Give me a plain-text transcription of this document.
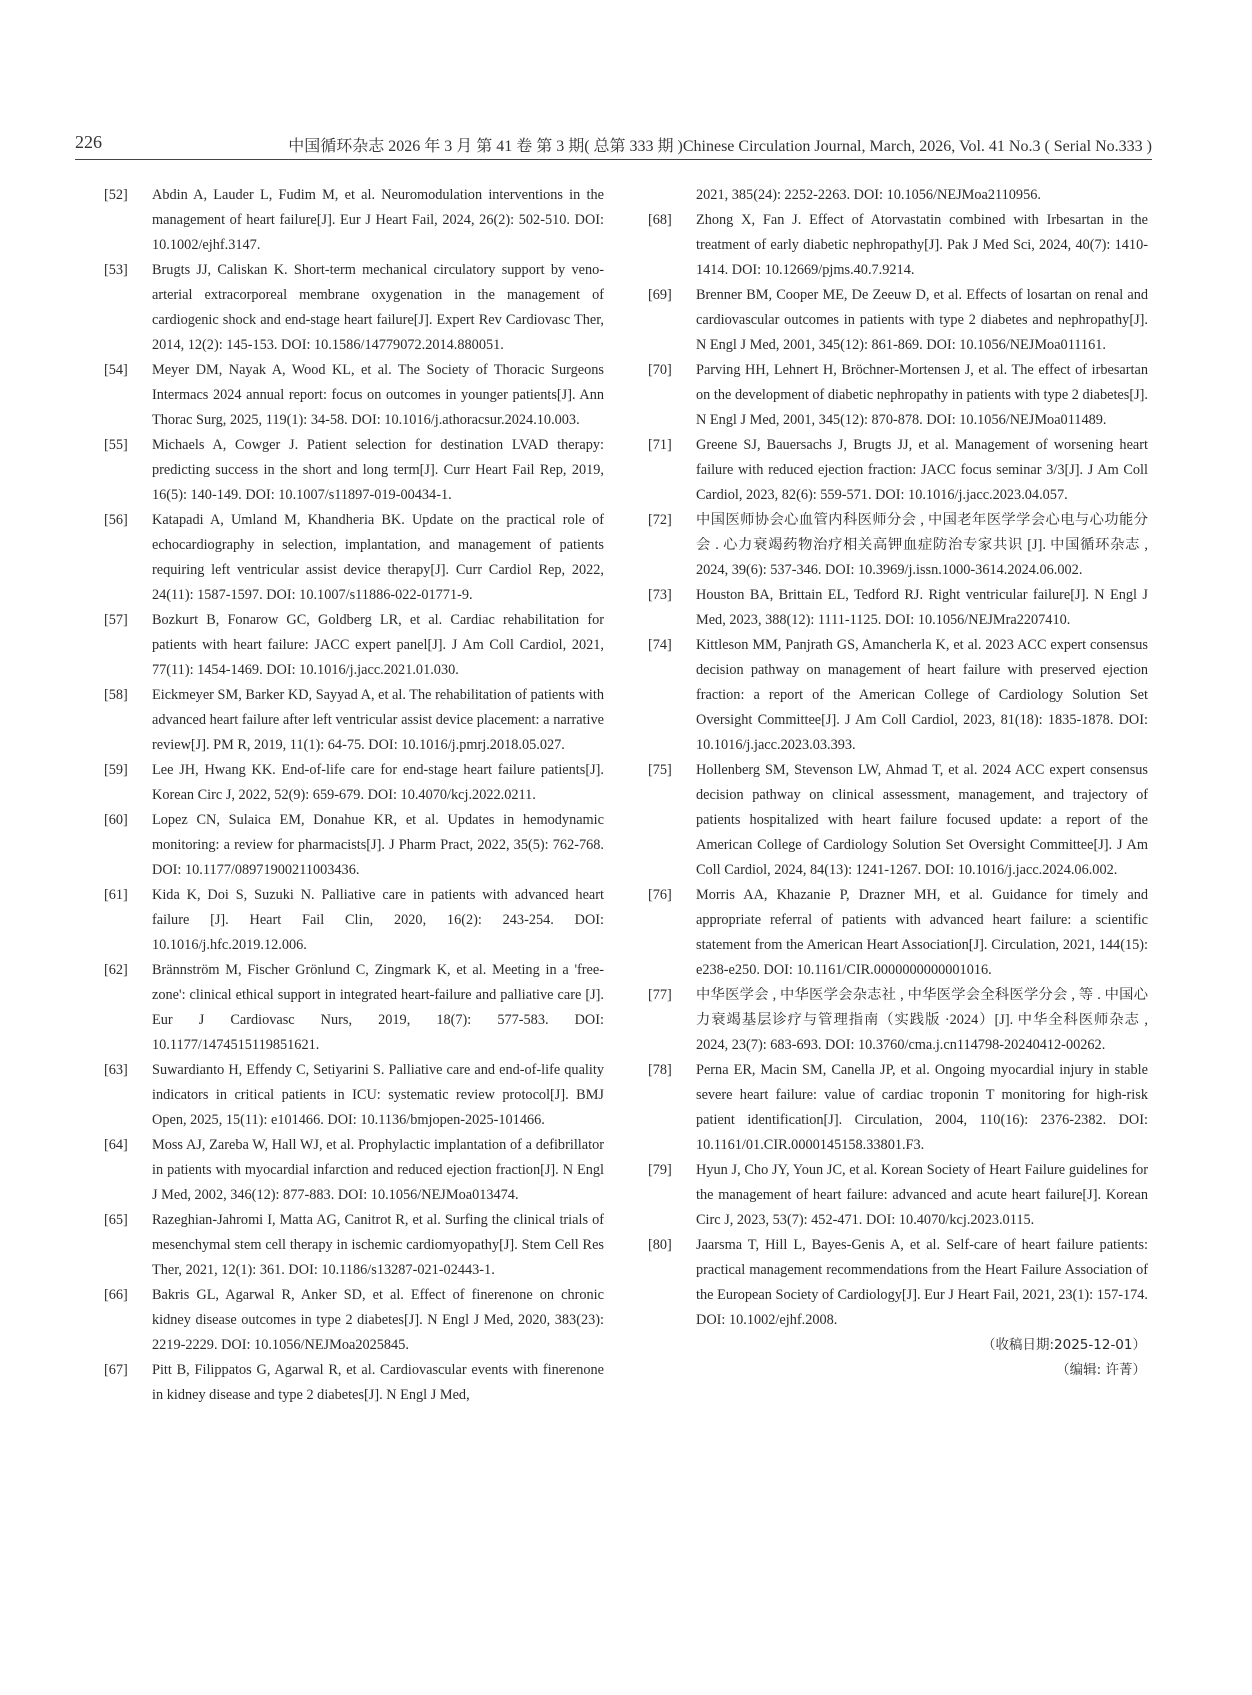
226	中国循环杂志 2026 年 3 月 第 41 卷 第 3 期( 总第 333 期 )Chinese Circulation Journal, March, 2026, Vol. 41 No.3 ( Serial No.333 )
[52]	Abdin A, Lauder L, Fudim M, et al. Neuromodulation interventions in the management of heart failure[J]. Eur J Heart Fail, 2024, 26(2): 502-510. DOI: 10.1002/ejhf.3147.
[53]	Brugts JJ, Caliskan K. Short-term mechanical circulatory support by veno-arterial extracorporeal membrane oxygenation in the management of cardiogenic shock and end-stage heart failure[J]. Expert Rev Cardiovasc Ther, 2014, 12(2): 145-153. DOI: 10.1586/14779072.2014.880051.
[54]	Meyer DM, Nayak A, Wood KL, et al. The Society of Thoracic Surgeons Intermacs 2024 annual report: focus on outcomes in younger patients[J]. Ann Thorac Surg, 2025, 119(1): 34-58. DOI: 10.1016/j.athoracsur.2024.10.003.
[55]	Michaels A, Cowger J. Patient selection for destination LVAD therapy: predicting success in the short and long term[J]. Curr Heart Fail Rep, 2019, 16(5): 140-149. DOI: 10.1007/s11897-019-00434-1.
[56]	Katapadi A, Umland M, Khandheria BK. Update on the practical role of echocardiography in selection, implantation, and management of patients requiring left ventricular assist device therapy[J]. Curr Cardiol Rep, 2022, 24(11): 1587-1597. DOI: 10.1007/s11886-022-01771-9.
[57]	Bozkurt B, Fonarow GC, Goldberg LR, et al. Cardiac rehabilitation for patients with heart failure: JACC expert panel[J]. J Am Coll Cardiol, 2021, 77(11): 1454-1469. DOI: 10.1016/j.jacc.2021.01.030.
[58]	Eickmeyer SM, Barker KD, Sayyad A, et al. The rehabilitation of patients with advanced heart failure after left ventricular assist device placement: a narrative review[J]. PM R, 2019, 11(1): 64-75. DOI: 10.1016/j.pmrj.2018.05.027.
[59]	Lee JH, Hwang KK. End-of-life care for end-stage heart failure patients[J]. Korean Circ J, 2022, 52(9): 659-679. DOI: 10.4070/kcj.2022.0211.
[60]	Lopez CN, Sulaica EM, Donahue KR, et al. Updates in hemodynamic monitoring: a review for pharmacists[J]. J Pharm Pract, 2022, 35(5): 762-768. DOI: 10.1177/08971900211003436.
[61]	Kida K, Doi S, Suzuki N. Palliative care in patients with advanced heart failure [J]. Heart Fail Clin, 2020, 16(2): 243-254. DOI: 10.1016/j.hfc.2019.12.006.
[62]	Brännström M, Fischer Grönlund C, Zingmark K, et al. Meeting in a 'free-zone': clinical ethical support in integrated heart-failure and palliative care [J]. Eur J Cardiovasc Nurs, 2019, 18(7): 577-583. DOI: 10.1177/1474515119851621.
[63]	Suwardianto H, Effendy C, Setiyarini S. Palliative care and end-of-life quality indicators in critical patients in ICU: systematic review protocol[J]. BMJ Open, 2025, 15(11): e101466. DOI: 10.1136/bmjopen-2025-101466.
[64]	Moss AJ, Zareba W, Hall WJ, et al. Prophylactic implantation of a defibrillator in patients with myocardial infarction and reduced ejection fraction[J]. N Engl J Med, 2002, 346(12): 877-883. DOI: 10.1056/NEJMoa013474.
[65]	Razeghian-Jahromi I, Matta AG, Canitrot R, et al. Surfing the clinical trials of mesenchymal stem cell therapy in ischemic cardiomyopathy[J]. Stem Cell Res Ther, 2021, 12(1): 361. DOI: 10.1186/s13287-021-02443-1.
[66]	Bakris GL, Agarwal R, Anker SD, et al. Effect of finerenone on chronic kidney disease outcomes in type 2 diabetes[J]. N Engl J Med, 2020, 383(23): 2219-2229. DOI: 10.1056/NEJMoa2025845.
[67]	Pitt B, Filippatos G, Agarwal R, et al. Cardiovascular events with finerenone in kidney disease and type 2 diabetes[J]. N Engl J Med,
2021, 385(24): 2252-2263. DOI: 10.1056/NEJMoa2110956.
[68]	Zhong X, Fan J. Effect of Atorvastatin combined with Irbesartan in the treatment of early diabetic nephropathy[J]. Pak J Med Sci, 2024, 40(7): 1410-1414. DOI: 10.12669/pjms.40.7.9214.
[69]	Brenner BM, Cooper ME, De Zeeuw D, et al. Effects of losartan on renal and cardiovascular outcomes in patients with type 2 diabetes and nephropathy[J]. N Engl J Med, 2001, 345(12): 861-869. DOI: 10.1056/NEJMoa011161.
[70]	Parving HH, Lehnert H, Bröchner-Mortensen J, et al. The effect of irbesartan on the development of diabetic nephropathy in patients with type 2 diabetes[J]. N Engl J Med, 2001, 345(12): 870-878. DOI: 10.1056/NEJMoa011489.
[71]	Greene SJ, Bauersachs J, Brugts JJ, et al. Management of worsening heart failure with reduced ejection fraction: JACC focus seminar 3/3[J]. J Am Coll Cardiol, 2023, 82(6): 559-571. DOI: 10.1016/j.jacc.2023.04.057.
[72]	中国医师协会心血管内科医师分会 , 中国老年医学学会心电与心功能分会 . 心力衰竭药物治疗相关高钾血症防治专家共识 [J]. 中国循环杂志 , 2024, 39(6): 537-346. DOI: 10.3969/j.issn.1000-3614.2024.06.002.
[73]	Houston BA, Brittain EL, Tedford RJ. Right ventricular failure[J]. N Engl J Med, 2023, 388(12): 1111-1125. DOI: 10.1056/NEJMra2207410.
[74]	Kittleson MM, Panjrath GS, Amancherla K, et al. 2023 ACC expert consensus decision pathway on management of heart failure with preserved ejection fraction: a report of the American College of Cardiology Solution Set Oversight Committee[J]. J Am Coll Cardiol, 2023, 81(18): 1835-1878. DOI: 10.1016/j.jacc.2023.03.393.
[75]	Hollenberg SM, Stevenson LW, Ahmad T, et al. 2024 ACC expert consensus decision pathway on clinical assessment, management, and trajectory of patients hospitalized with heart failure focused update: a report of the American College of Cardiology Solution Set Oversight Committee[J]. J Am Coll Cardiol, 2024, 84(13): 1241-1267. DOI: 10.1016/j.jacc.2024.06.002.
[76]	Morris AA, Khazanie P, Drazner MH, et al. Guidance for timely and appropriate referral of patients with advanced heart failure: a scientific statement from the American Heart Association[J]. Circulation, 2021, 144(15): e238-e250. DOI: 10.1161/CIR.0000000000001016.
[77]	中华医学会 , 中华医学会杂志社 , 中华医学会全科医学分会 , 等 . 中国心力衰竭基层诊疗与管理指南（实践版 ·2024）[J]. 中华全科医师杂志 , 2024, 23(7): 683-693. DOI: 10.3760/cma.j.cn114798-20240412-00262.
[78]	Perna ER, Macin SM, Canella JP, et al. Ongoing myocardial injury in stable severe heart failure: value of cardiac troponin T monitoring for high-risk patient identification[J]. Circulation, 2004, 110(16): 2376-2382. DOI: 10.1161/01.CIR.0000145158.33801.F3.
[79]	Hyun J, Cho JY, Youn JC, et al. Korean Society of Heart Failure guidelines for the management of heart failure: advanced and acute heart failure[J]. Korean Circ J, 2023, 53(7): 452-471. DOI: 10.4070/kcj.2023.0115.
[80]	Jaarsma T, Hill L, Bayes-Genis A, et al. Self-care of heart failure patients: practical management recommendations from the Heart Failure Association of the European Society of Cardiology[J]. Eur J Heart Fail, 2021, 23(1): 157-174. DOI: 10.1002/ejhf.2008.
（收稿日期:2025-12-01）
（编辑: 许菁）
